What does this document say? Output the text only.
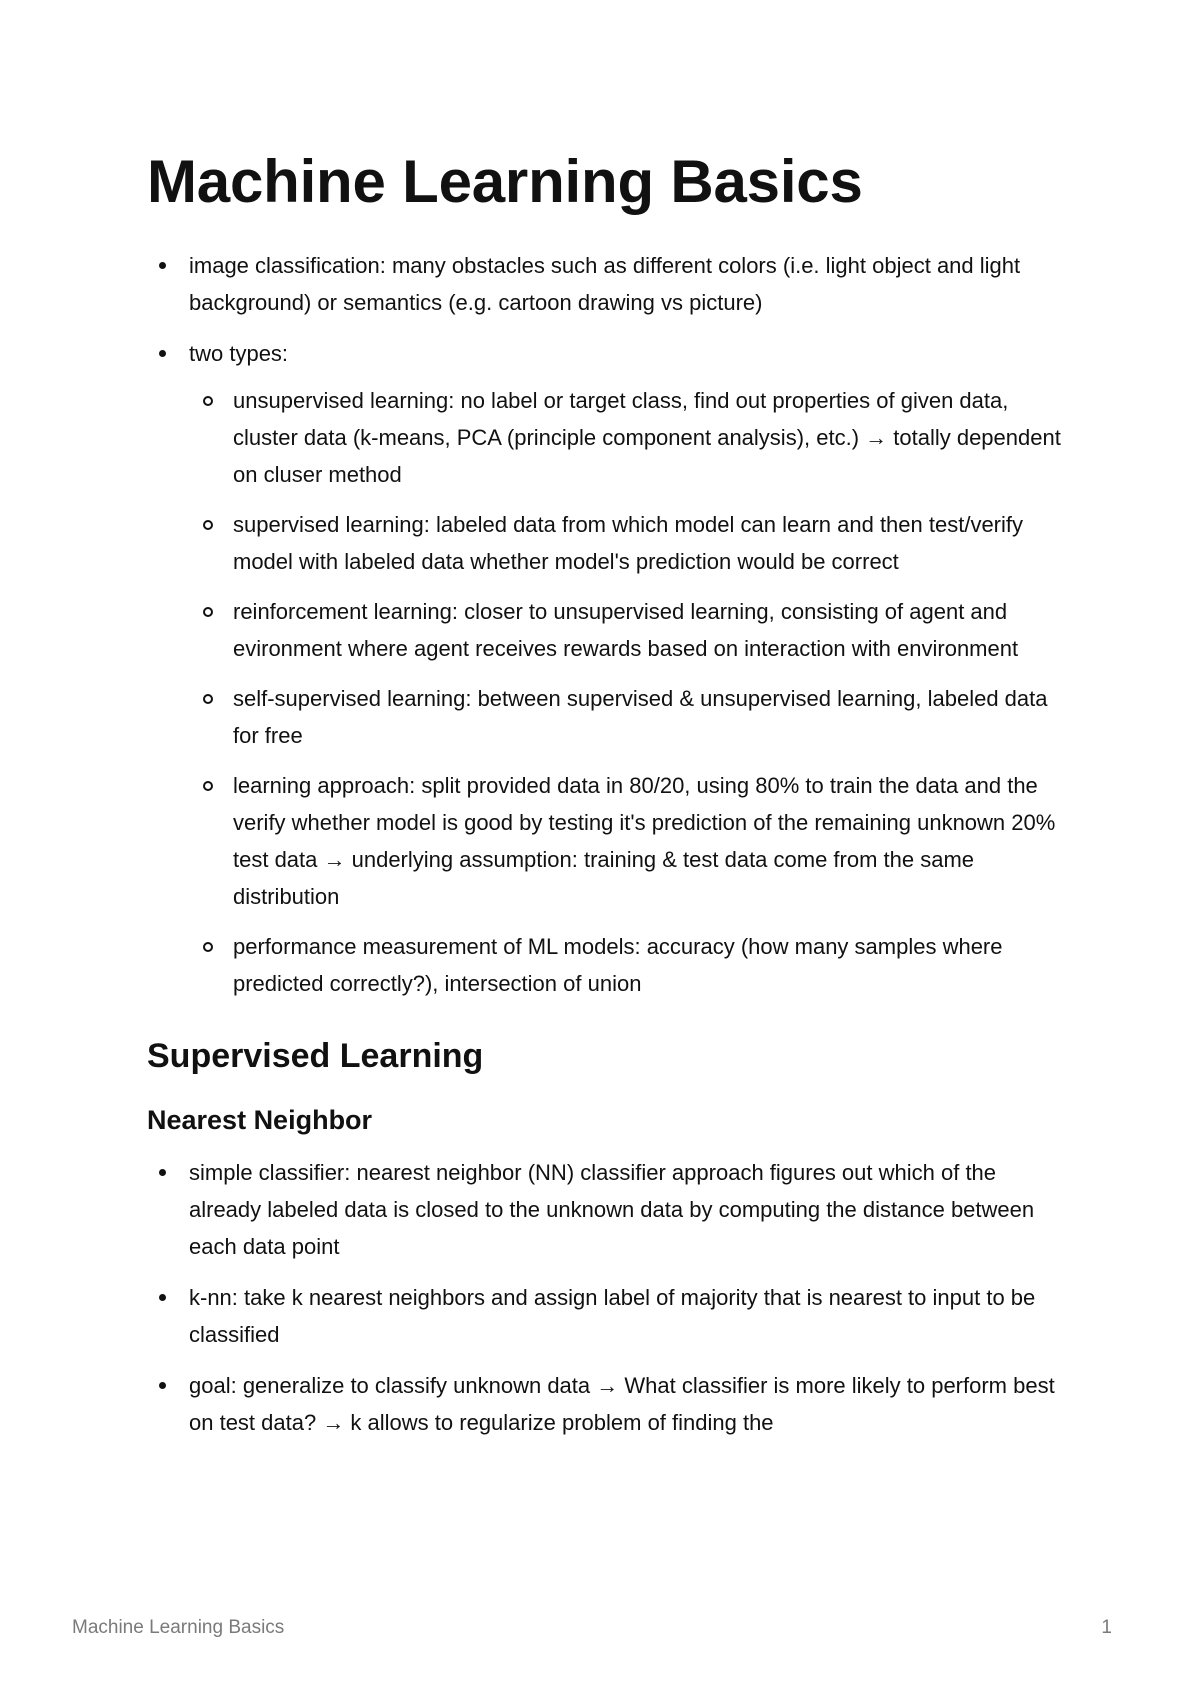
Machine Learning Basics
image classification: many obstacles such as different colors (i.e. light object and light background) or semantics (e.g. cartoon drawing vs picture)
two types:
unsupervised learning: no label or target class, find out properties of given data, cluster data (k-means, PCA (principle component analysis), etc.) → totally dependent on cluser method
supervised learning: labeled data from which model can learn and then test/verify model with labeled data whether model's prediction would be correct
reinforcement learning: closer to unsupervised learning, consisting of agent and evironment where agent receives rewards based on interaction with environment
self-supervised learning: between supervised & unsupervised learning, labeled data for free
learning approach: split provided data in 80/20, using 80% to train the data and the verify whether model is good by testing it's prediction of the remaining unknown 20% test data → underlying assumption: training & test data come from the same distribution
performance measurement of ML models: accuracy (how many samples where predicted correctly?), intersection of union
Supervised Learning
Nearest Neighbor
simple classifier: nearest neighbor (NN) classifier approach figures out which of the already labeled data is closed to the unknown data by computing the distance between each data point
k-nn: take k nearest neighbors and assign label of majority that is nearest to input to be classified
goal: generalize to classify unknown data → What classifier is more likely to perform best on test data? → k allows to regularize problem of finding the
Machine Learning Basics	1
